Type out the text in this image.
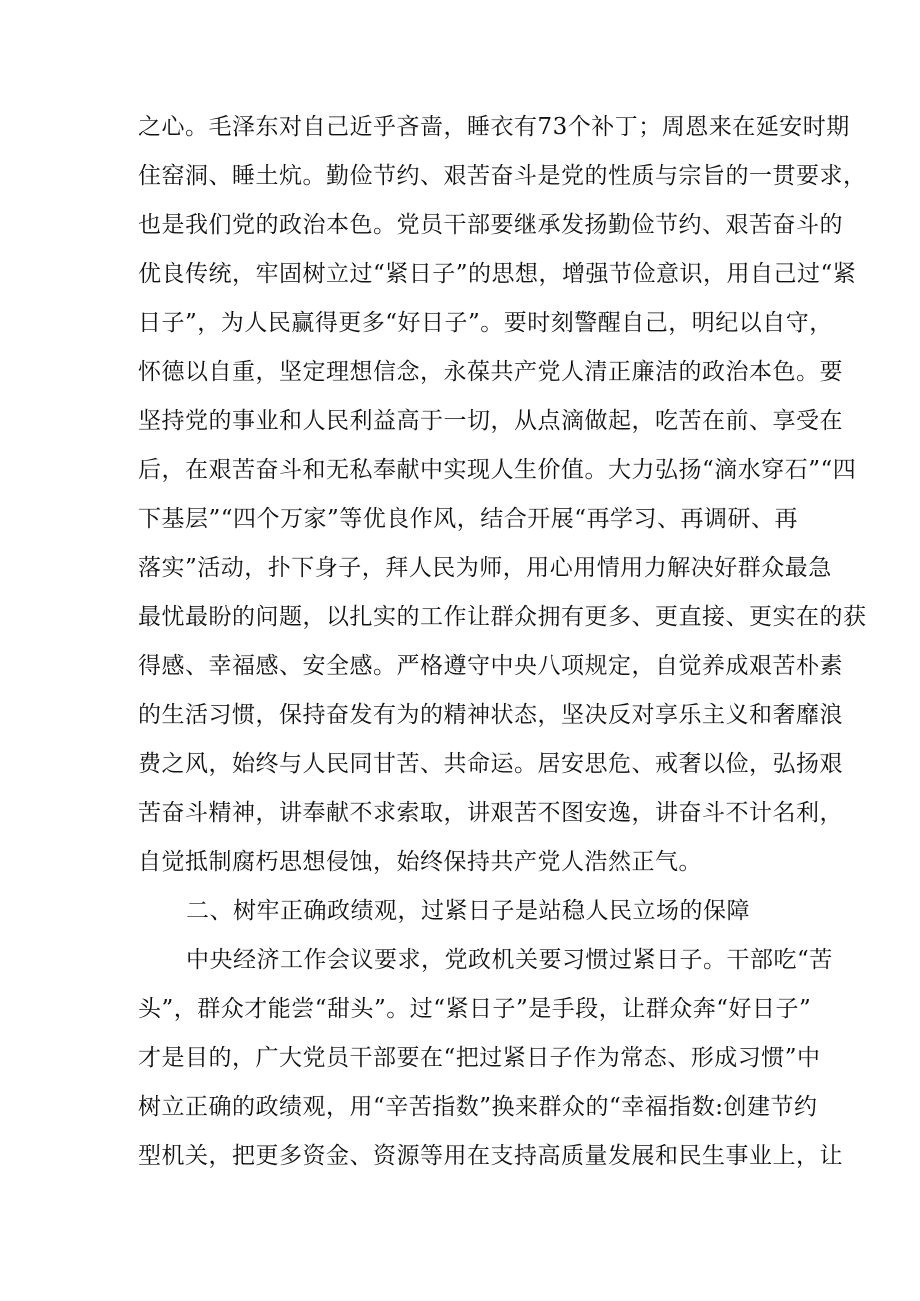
之心。毛泽东对自己近乎吝啬，睡衣有73个补丁；周恩来在延安时期
住窑洞、睡土炕。勤俭节约、艰苦奋斗是党的性质与宗旨的一贯要求，
也是我们党的政治本色。党员干部要继承发扬勤俭节约、艰苦奋斗的
优良传统，牢固树立过“紧日子”的思想，增强节俭意识，用自己过“紧
日子”，为人民赢得更多“好日子”。要时刻警醒自己，明纪以自守，
怀德以自重，坚定理想信念，永葆共产党人清正廉洁的政治本色。要
坚持党的事业和人民利益高于一切，从点滴做起，吃苦在前、享受在
后，在艰苦奋斗和无私奉献中实现人生价值。大力弘扬“滴水穿石”“四
下基层”“四个万家”等优良作风，结合开展“再学习、再调研、再
落实”活动，扑下身子，拜人民为师，用心用情用力解决好群众最急
最忧最盼的问题，以扎实的工作让群众拥有更多、更直接、更实在的获
得感、幸福感、安全感。严格遵守中央八项规定，自觉养成艰苦朴素
的生活习惯，保持奋发有为的精神状态，坚决反对享乐主义和奢靡浪
费之风，始终与人民同甘苦、共命运。居安思危、戒奢以俭，弘扬艰
苦奋斗精神，讲奉献不求索取，讲艰苦不图安逸，讲奋斗不计名利，
自觉抵制腐朽思想侵蚀，始终保持共产党人浩然正气。
二、树牢正确政绩观，过紧日子是站稳人民立场的保障
中央经济工作会议要求，党政机关要习惯过紧日子。干部吃“苦
头”，群众才能尝“甜头”。过“紧日子”是手段，让群众奔“好日子”
才是目的，广大党员干部要在“把过紧日子作为常态、形成习惯”中
树立正确的政绩观，用“辛苦指数”换来群众的“幸福指数:创建节约
型机关，把更多资金、资源等用在支持高质量发展和民生事业上，让
